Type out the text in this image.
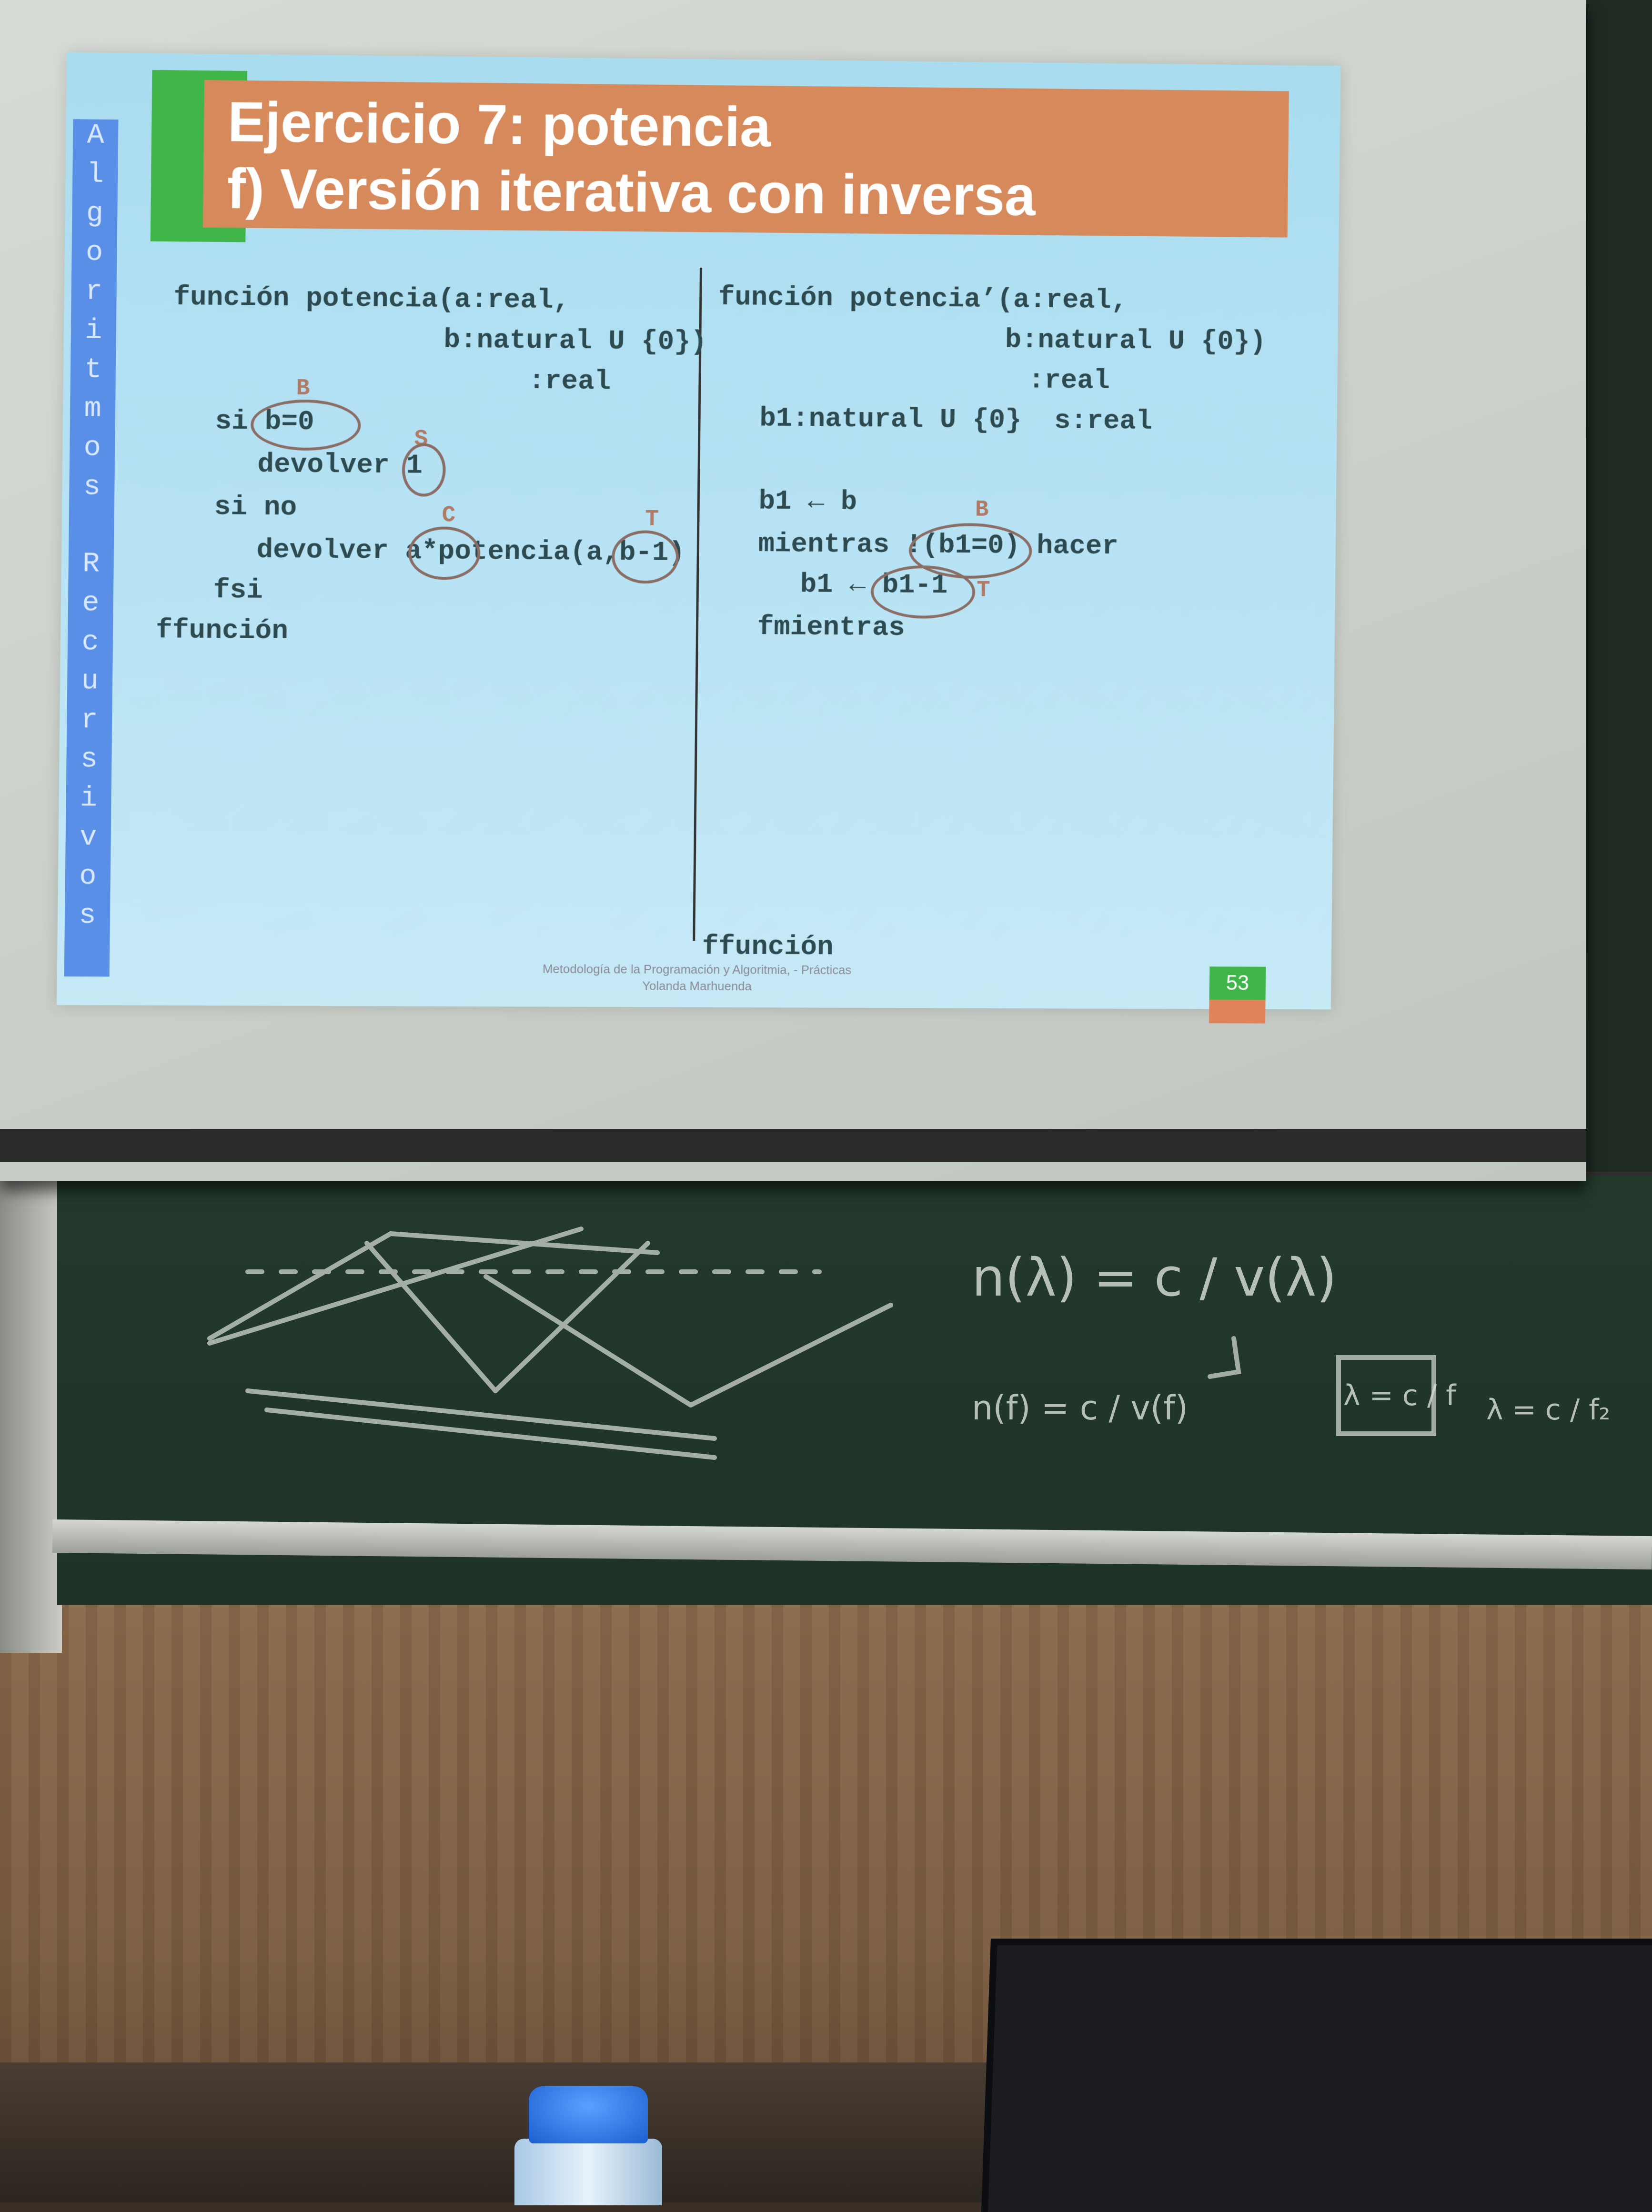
n(λ) = c / v(λ)
n(f) = c / v(f)	λ = c / f λ = c / f₂
Ejercicio 7: potencia
f) Versión iterativa con inversa
A
l
g
o
r
i
t
m
o
s
R
e
c
u
r
s
i
v
o
s
función potencia(a:real,
b:natural U {0})
:real
si b=0
devolver 1
si no
devolver a*potencia(a,b-1)
fsi
ffunción
B
S
C	T
función potencia’(a:real,
b:natural U {0})
:real
b1:natural U {0}  s:real
b1 ← b
mientras !(b1=0) hacer
b1 ← b1-1
fmientras
ffunción
B
T
Metodología de la Programación y Algoritmia, - Prácticas
Yolanda Marhuenda	53
